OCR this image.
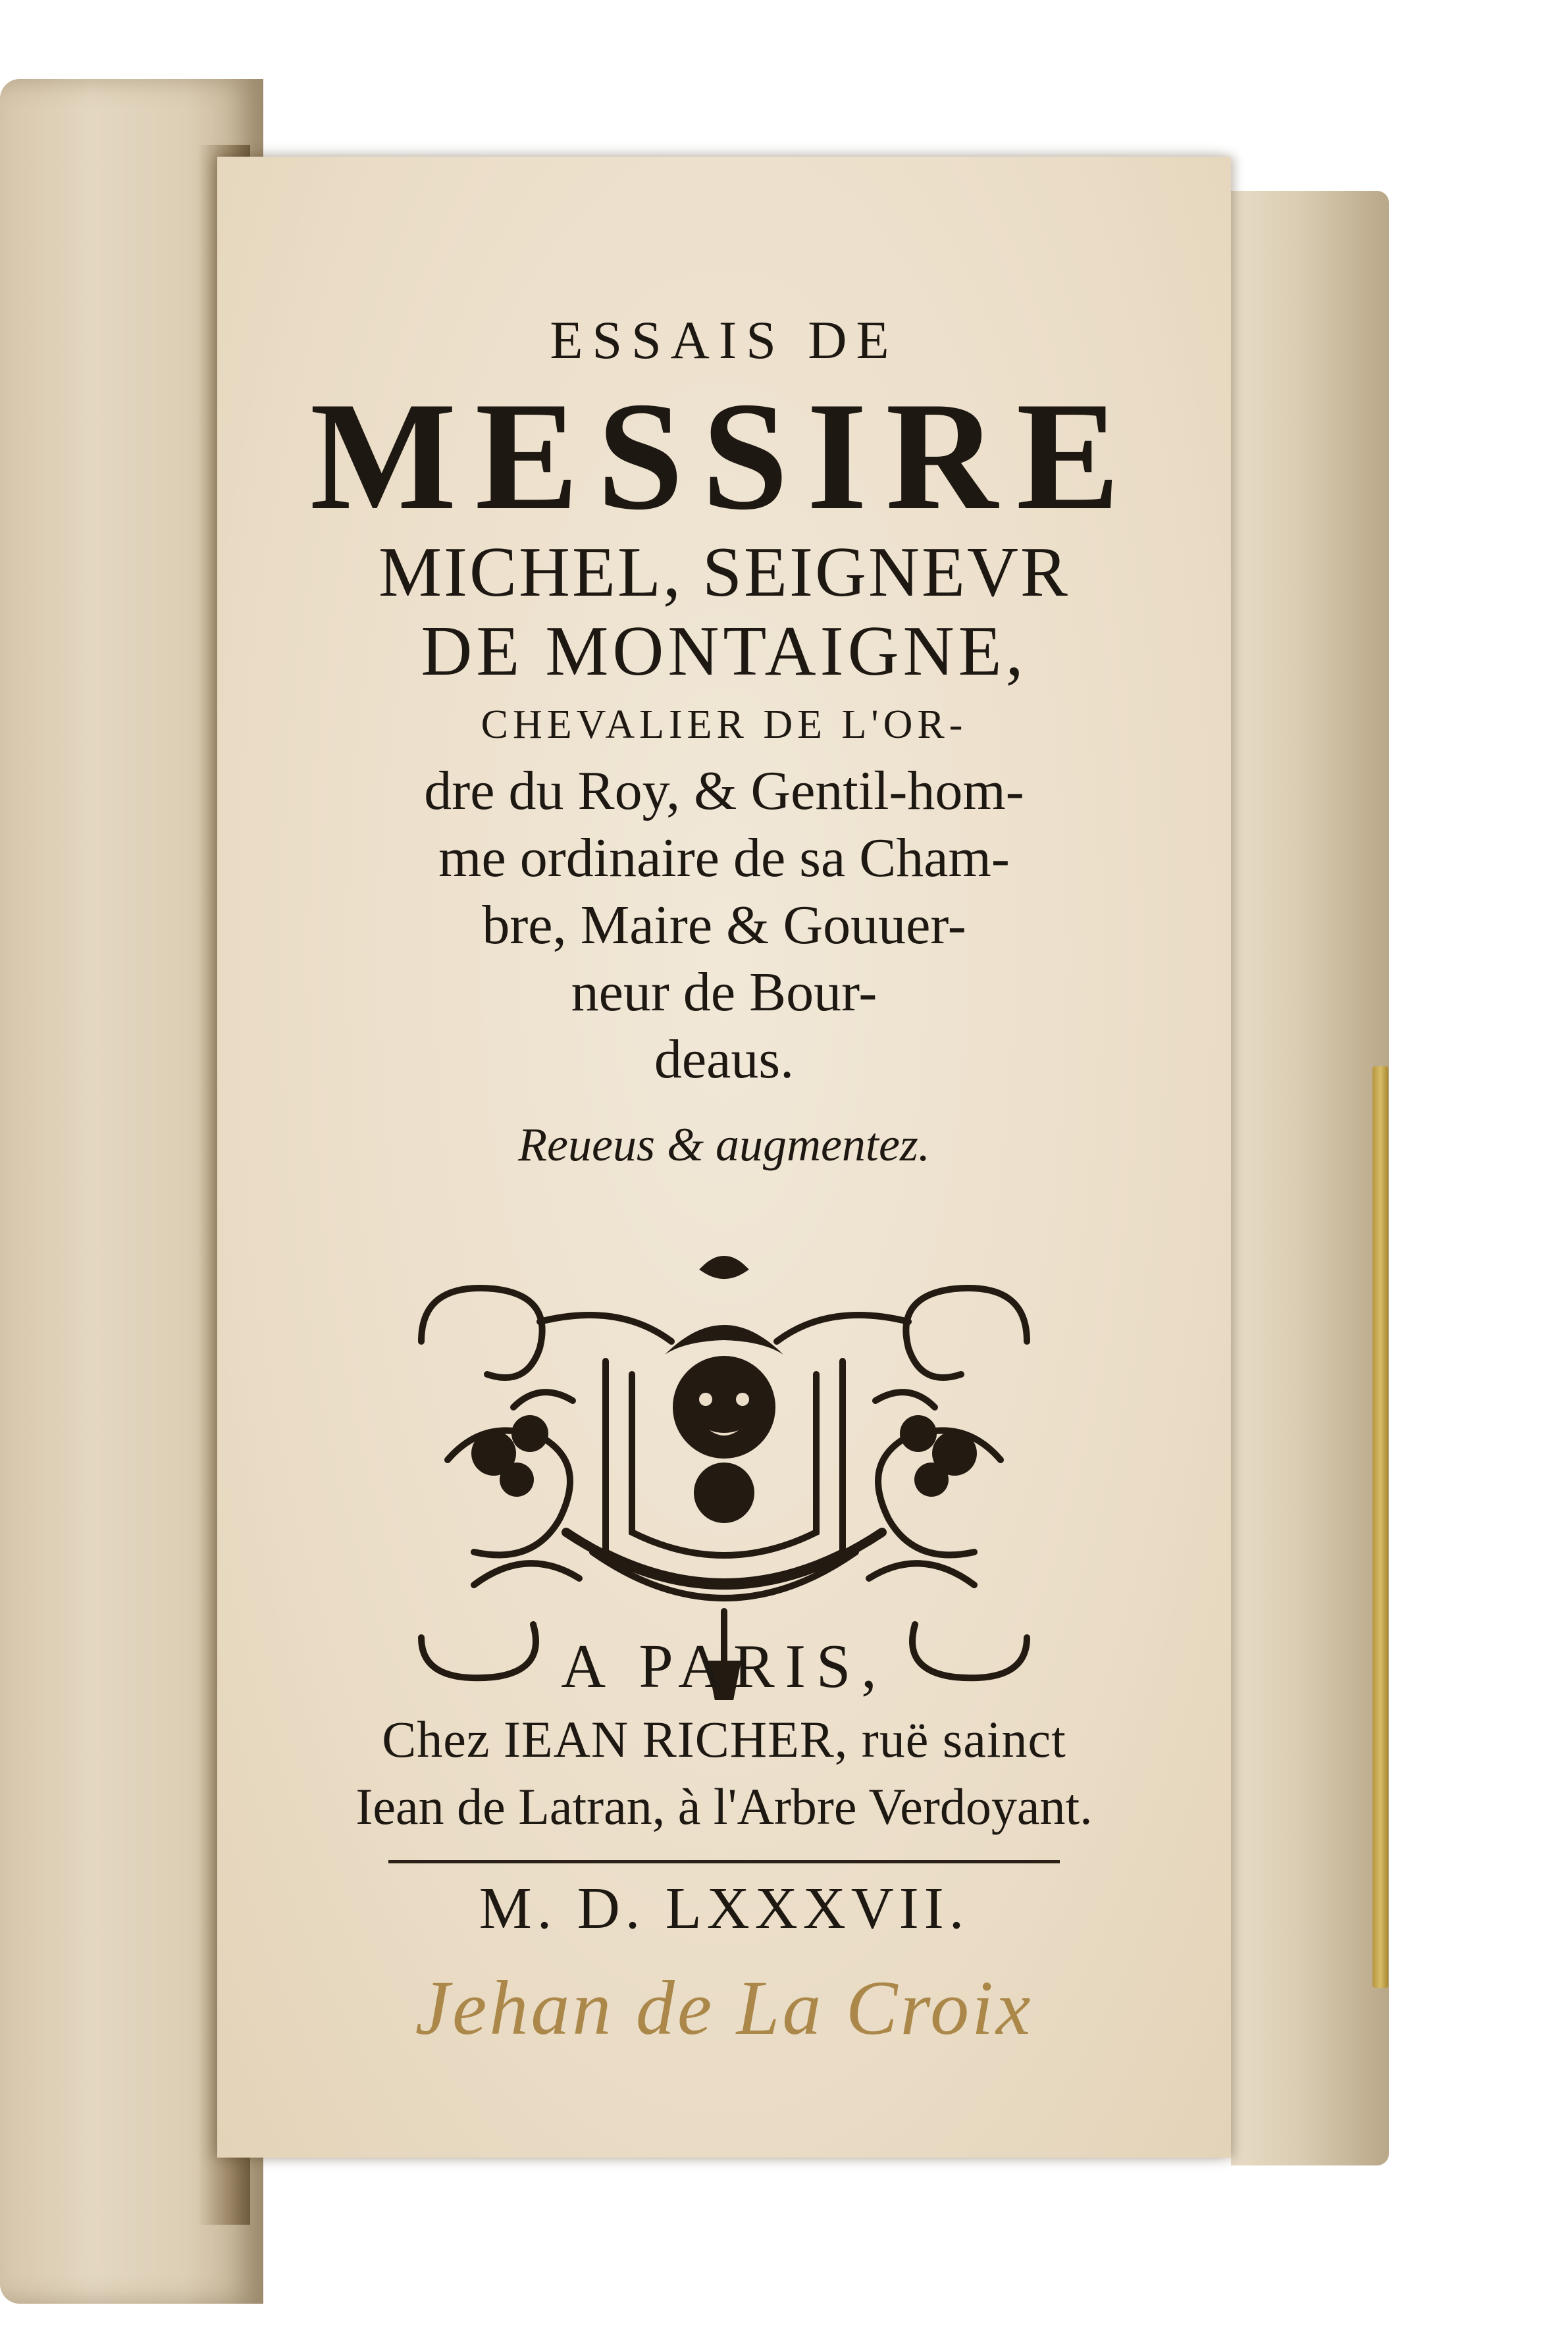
ESSAIS DE
MESSIRE
MICHEL, SEIGNEVR
DE MONTAIGNE,
CHEVALIER DE L'OR-
dre du Roy, & Gentil-hom-
me ordinaire de sa Cham-
bre, Maire & Gouuer-
neur de Bour-
deaus.
Reueus & augmentez.
A PARIS,
Chez IEAN RICHER, ruë sainct
Iean de Latran, à l'Arbre Verdoyant.
M. D. LXXXVII.
Jehan de La Croix
